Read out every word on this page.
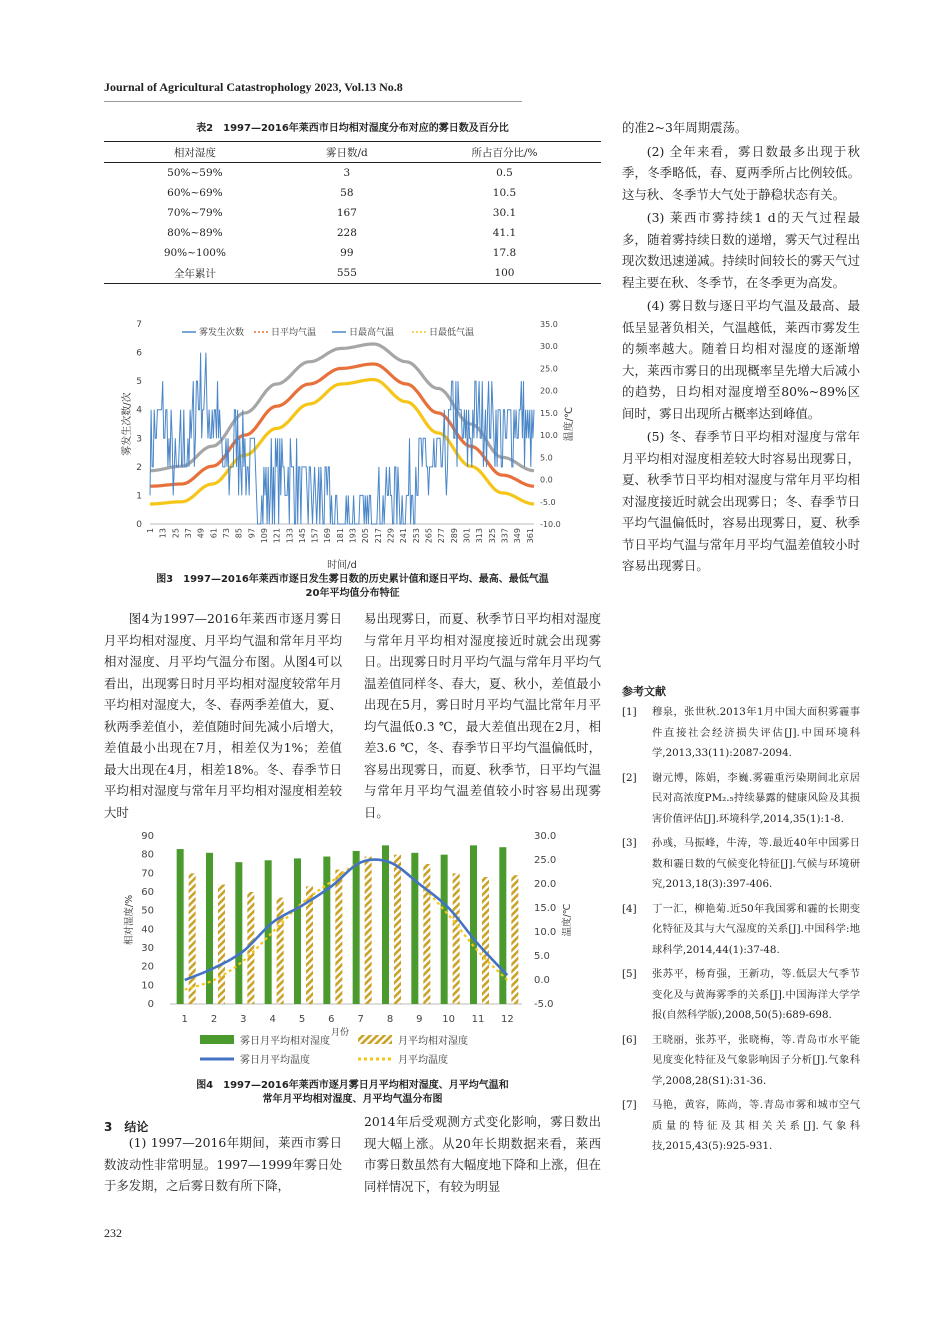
Journal of Agricultural Catastrophology 2023, Vol.13 No.8
表2　1997—2016年莱西市日均相对湿度分布对应的雾日数及百分比
相对湿度	雾日数/d	所占百分比/%
50%~59%	3	0.5
60%~69%	58	10.5
70%~79%	167	30.1
80%~89%	228	41.1
90%~100%	99	17.8
全年累计	555	100
0
1
2
3
4
5
6
7
-10.0
-5.0
0.0
5.0
10.0
15.0
20.0
25.0
30.0
35.0
1 13 25 37 49 61 73 85 97 109 121 133 145 157 169 181 193 205 217 229 241 253 265 277 289 301 313 325 337 349 361
时间/d
雾发生次数/次	温度/℃
雾发生次数	日平均气温	日最高气温	日最低气温
图3　1997—2016年莱西市逐日发生雾日数的历史累计值和逐日平均、最高、最低气温
20年平均值分布特征

图4为1997—2016年莱西市逐月雾日月平均相对湿度、月平均气温和常年月平均相对湿度、月平均气温分布图。从图4可以看出，出现雾日时月平均相对湿度较常年月平均相对湿度大，冬、春两季差值大，夏、秋两季差值小，差值随时间先减小后增大，差值最小出现在7月，相差仅为1%；差值最大出现在4月，相差18%。冬、春季节日平均相对湿度与常年月平均相对湿度相差较大时

易出现雾日，而夏、秋季节日平均相对湿度与常年月平均相对湿度接近时就会出现雾日。出现雾日时月平均气温与常年月平均气温差值同样冬、春大，夏、秋小，差值最小出现在5月，雾日时月平均气温比常年月平均气温低0.3 ℃，最大差值出现在2月，相差3.6 ℃，冬、春季节日平均气温偏低时，容易出现雾日，而夏、秋季节，日平均气温与常年月平均气温差值较小时容易出现雾日。

0
10
20
30
40
50
60
70
80
90
-5.0
0.0
5.0
10.0
15.0
20.0
25.0
30.0
1 2 3 4 5 6 7 8 9 10 11 12
月份
相对湿度/%	温度/℃
雾日月平均相对湿度	月平均相对湿度
雾日月平均温度	月平均温度
图4　1997—2016年莱西市逐月雾日月平均相对湿度、月平均气温和
常年月平均相对湿度、月平均气温分布图
3　结论

(1) 1997—2016年期间，莱西市雾日数波动性非常明显。1997—1999年雾日处于多发期，之后雾日数有所下降，

2014年后受观测方式变化影响，雾日数出现大幅上涨。从20年长期数据来看，莱西市雾日数虽然有大幅度地下降和上涨，但在同样情况下，有较为明显

的准2~3年周期震荡。

(2) 全年来看，雾日数最多出现于秋季，冬季略低，春、夏两季所占比例较低。这与秋、冬季节大气处于静稳状态有关。

(3) 莱西市雾持续1 d的天气过程最多，随着雾持续日数的递增，雾天气过程出现次数迅速递减。持续时间较长的雾天气过程主要在秋、冬季节，在冬季更为高发。

(4) 雾日数与逐日平均气温及最高、最低呈显著负相关，气温越低，莱西市雾发生的频率越大。随着日均相对湿度的逐渐增大，莱西市雾日的出现概率呈先增大后减小的趋势，日均相对湿度增至80%~89%区间时，雾日出现所占概率达到峰值。

(5) 冬、春季节日平均相对湿度与常年月平均相对湿度相差较大时容易出现雾日，夏、秋季节日平均相对湿度与常年月平均相对湿度接近时就会出现雾日；冬、春季节日平均气温偏低时，容易出现雾日，夏、秋季节日平均气温与常年月平均气温差值较小时容易出现雾日。

参考文献
[1]	穆泉，张世秋.2013年1月中国大面积雾霾事件直接社会经济损失评估[J].中国环境科学,2013,33(11):2087-2094.
[2]	谢元博，陈娟，李巍.雾霾重污染期间北京居民对高浓度PM₂.₅持续暴露的健康风险及其损害价值评估[J].环境科学,2014,35(1):1-8.
[3]	孙彧，马振峰，牛涛，等.最近40年中国雾日数和霾日数的气候变化特征[J].气候与环境研究,2013,18(3):397-406.
[4]	丁一汇，柳艳菊.近50年我国雾和霾的长期变化特征及其与大气湿度的关系[J].中国科学:地球科学,2014,44(1):37-48.
[5]	张苏平，杨育强，王新功，等.低层大气季节变化及与黄海雾季的关系[J].中国海洋大学学报(自然科学版),2008,50(5):689-698.
[6]	王晓丽，张苏平，张晓梅，等.青岛市水平能见度变化特征及气象影响因子分析[J].气象科学,2008,28(S1):31-36.
[7]	马艳，黄容，陈尚，等.青岛市雾和城市空气质量的特征及其相关关系[J].气象科技,2015,43(5):925-931.
232
